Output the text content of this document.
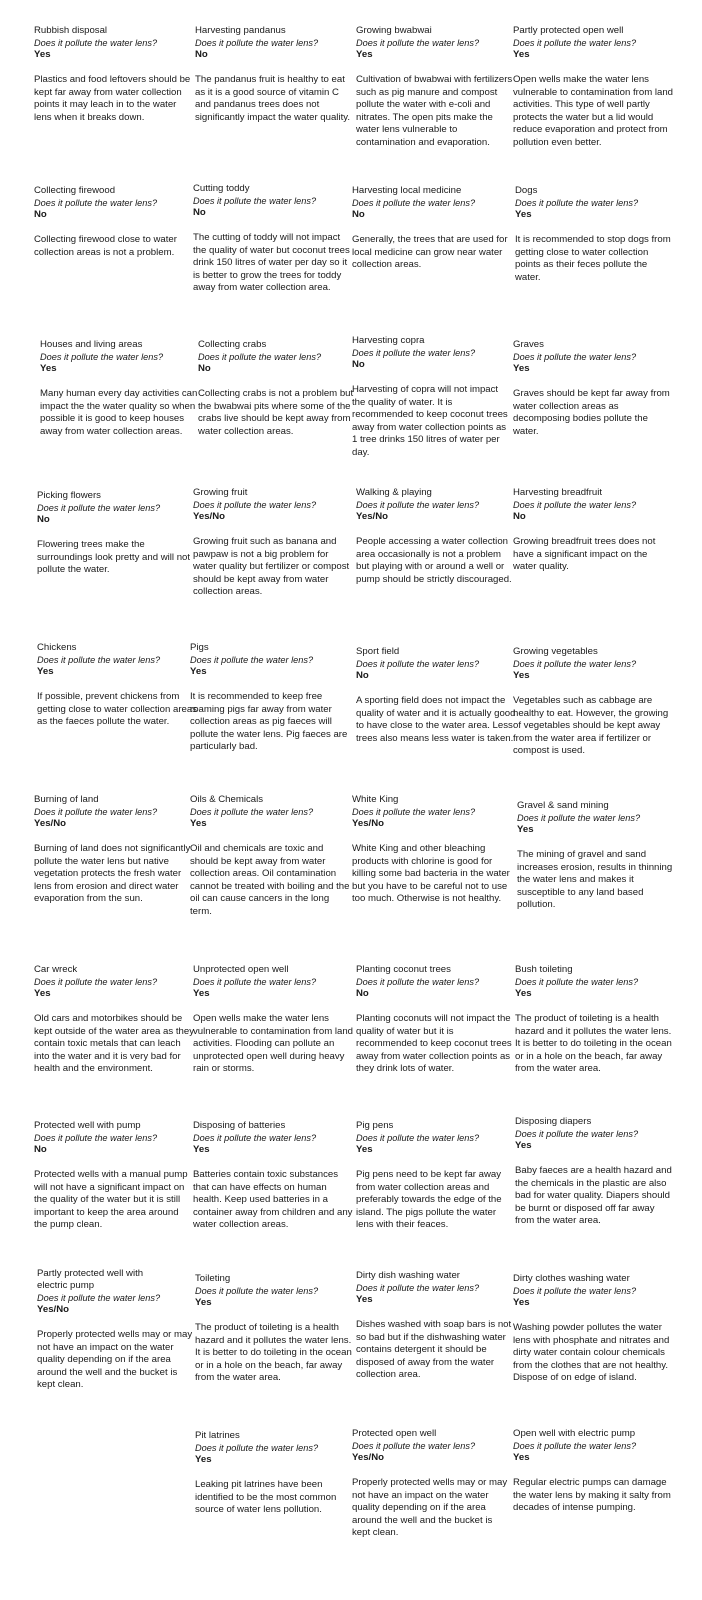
Rubbish disposal
Does it pollute the water lens?
Yes
Plastics and food leftovers should be kept far away from water collection points it may leach in to the water lens when it breaks down.
Harvesting pandanus
Does it pollute the water lens?
No
The pandanus fruit is healthy to eat as it is a good source of vitamin C and pandanus trees does not significantly impact the water quality.
Growing bwabwai
Does it pollute the water lens?
Yes
Cultivation of bwabwai with fertilizers such as pig manure and compost pollute the water with e-coli and nitrates. The open pits make the water lens vulnerable to contamination and evaporation.
Partly protected open well
Does it pollute the water lens?
Yes
Open wells make the water lens vulnerable to contamination from land activities. This type of well partly protects the water but a lid would reduce evaporation and protect from pollution even better.
Collecting firewood
Does it pollute the water lens?
No
Collecting firewood close to water collection areas is not a problem.
Cutting toddy
Does it pollute the water lens?
No
The cutting of toddy will not impact the quality of water but coconut trees drink 150 litres of water per day so it is better to grow the trees for toddy away from water collection area.
Harvesting local medicine
Does it pollute the water lens?
No
Generally, the trees that are used for local medicine can grow near water collection areas.
Dogs
Does it pollute the water lens?
Yes
It is recommended to stop dogs from getting close to water collection points as their feces pollute the water.
Houses and living areas
Does it pollute the water lens?
Yes
Many human every day activities can impact the the water quality so when possible it is good to keep houses away from water collection areas.
Collecting crabs
Does it pollute the water lens?
No
Collecting crabs is not a problem but the bwabwai pits where some of the crabs live should be kept away from water collection areas.
Harvesting copra
Does it pollute the water lens?
No
Harvesting of copra will not impact the quality of water. It is recommended to keep coconut trees away from water collection points as 1 tree drinks 150 litres of water per day.
Graves
Does it pollute the water lens?
Yes
Graves should be kept far away from water collection areas as decomposing bodies pollute the water.
Picking flowers
Does it pollute the water lens?
No
Flowering trees make the surroundings look pretty and will not pollute the water.
Growing fruit
Does it pollute the water lens?
Yes/No
Growing fruit such as banana and pawpaw is not a big problem for water quality but fertilizer or compost should be kept away from water collection areas.
Walking & playing
Does it pollute the water lens?
Yes/No
People accessing a water collection area occasionally is not a problem but playing with or around a well or pump should be strictly discouraged.
Harvesting breadfruit
Does it pollute the water lens?
No
Growing breadfruit trees does not have a significant impact on the water quality.
Chickens
Does it pollute the water lens?
Yes
If possible, prevent chickens from getting close to water collection areas as the faeces pollute the water.
Pigs
Does it pollute the water lens?
Yes
It is recommended to keep free roaming pigs far away from water collection areas as pig faeces will pollute the water lens. Pig faeces are particularly bad.
Sport field
Does it pollute the water lens?
No
A sporting field does not impact the quality of water and it is actually good to have close to the water area. Less trees also means less water is taken.
Growing vegetables
Does it pollute the water lens?
Yes
Vegetables such as cabbage are healthy to eat. However, the growing of vegetables should be kept away from the water area if fertilizer or compost is used.
Burning of land
Does it pollute the water lens?
Yes/No
Burning of land does not significantly pollute the water lens but native vegetation protects the fresh water lens from erosion and direct water evaporation from the sun.
Oils & Chemicals
Does it pollute the water lens?
Yes
Oil and chemicals are toxic and should be kept away from water collection areas. Oil contamination cannot be treated with boiling and the oil can cause cancers in the long term.
White King
Does it pollute the water lens?
Yes/No
White King and other bleaching products with chlorine is good for killing some bad bacteria in the water but you have to be careful not to use too much. Otherwise is not healthy.
Gravel & sand mining
Does it pollute the water lens?
Yes
The mining of gravel and sand increases erosion, results in thinning the water lens and makes it susceptible to any land based pollution.
Car wreck
Does it pollute the water lens?
Yes
Old cars and motorbikes should be kept outside of the water area as they contain toxic metals that can leach into the water and it is very bad for health and the environment.
Unprotected open well
Does it pollute the water lens?
Yes
Open wells make the water lens vulnerable to contamination from land activities. Flooding can pollute an unprotected open well during heavy rain or storms.
Planting coconut trees
Does it pollute the water lens?
No
Planting coconuts will not impact the quality of water but it is recommended to keep coconut trees away from water collection points as they drink lots of water.
Bush toileting
Does it pollute the water lens?
Yes
The product of toileting is a health hazard and it pollutes the water lens. It is better to do toileting in the ocean or in a hole on the beach, far away from the water area.
Protected well with pump
Does it pollute the water lens?
No
Protected wells with a manual pump will not have a significant impact on the quality of the water but it is still important to keep the area around the pump clean.
Disposing of batteries
Does it pollute the water lens?
Yes
Batteries contain toxic substances that can have effects on human health. Keep used batteries in a container away from children and any water collection areas.
Pig pens
Does it pollute the water lens?
Yes
Pig pens need to be kept far away from water collection areas and preferably towards the edge of the island. The pigs pollute the water lens with their feaces.
Disposing diapers
Does it pollute the water lens?
Yes
Baby faeces are a health hazard and the chemicals in the plastic are also bad for water quality. Diapers should be burnt or disposed off far away from the water area.
Partly protected well with electric pump
Does it pollute the water lens?
Yes/No
Properly protected wells may or may not have an impact on the water quality depending on if the area around the well and the bucket is kept clean.
Toileting
Does it pollute the water lens?
Yes
The product of toileting is a health hazard and it pollutes the water lens. It is better to do toileting in the ocean or in a hole on the beach, far away from the water area.
Dirty dish washing water
Does it pollute the water lens?
Yes
Dishes washed with soap bars is not so bad but if the dishwashing water contains detergent it should be disposed of away from the water collection area.
Dirty clothes washing water
Does it pollute the water lens?
Yes
Washing powder pollutes the water lens with phosphate and nitrates and dirty water contain colour chemicals from the clothes that are not healthy. Dispose of on edge of island.
Pit latrines
Does it pollute the water lens?
Yes
Leaking pit latrines have been identified to be the most common source of water lens pollution.
Protected open well
Does it pollute the water lens?
Yes/No
Properly protected wells may or may not have an impact on the water quality depending on if the area around the well and the bucket is kept clean.
Open well with electric pump
Does it pollute the water lens?
Yes
Regular electric pumps can damage the water lens by making it salty from decades of intense pumping.
